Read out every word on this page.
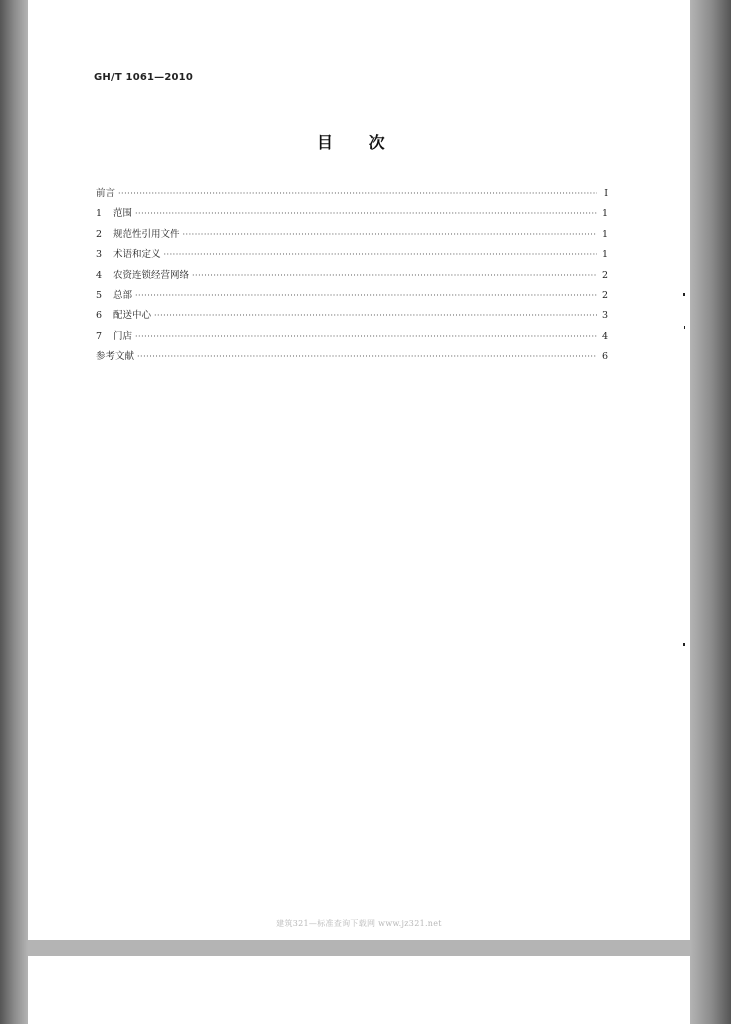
GH/T 1061—2010
目 次
前言 ·····	I
1	范围 ·····	1
2	规范性引用文件 ·····	1
3	术语和定义 ·····	1
4	农资连锁经营网络 ·····	2
5	总部 ·····	2
6	配送中心 ·····	3
7	门店 ·····	4
参考文献 ·····	6
建筑321—标准查询下载网 www.jz321.net
